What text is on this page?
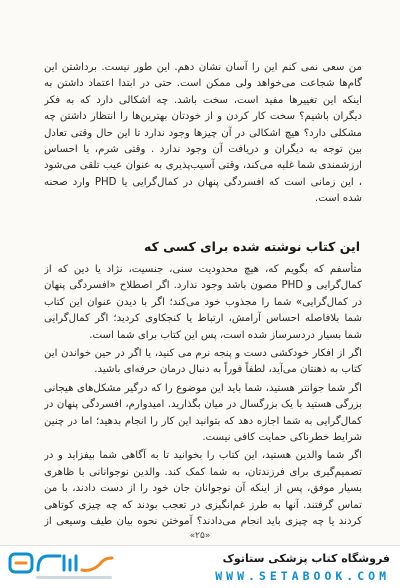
من سعی نمی کنم این را آسان نشان دهم. این طور نیست. برداشتن این گام‌ها شجاعت می‌خواهد ولی ممکن است. حتی در ابتدا اعتماد داشتن به اینکه این تغییرها مفید است، سخت باشد. چه اشکالی دارد که به فکر دیگران باشیم؟ سخت کار کردن و از خودتان بهترین‌ها را انتظار داشتن چه مشکلی دارد؟ هیچ اشکالی در آن چیزها وجود ندارد تا این حال وقتی تعادل بین توجه به دیگران و دریافت آن وجود ندارد . وقتی شرم، یا احساس ارزشمندی شما غلبه می‌کند، وقتی آسیب‌پذیری به عنوان عیب تلقی می‌شود ، این زمانی است که افسردگی پنهان در کمال‌گرایی یا PHD وارد صحنه شده است.

این کتاب نوشته شده برای کسی که

متأسفم که بگویم که، هیچ محدودیت سنی، جنسیت، نژاد یا دین که از کمال‌گرایی و PHD مصون باشد وجود ندارد. اگر اصطلاح «افسردگی پنهان در کمال‌گرایی» شما را مجذوب خود می‌کند؛ اگر با دیدن عنوان این کتاب شما بلافاصله احساس آرامش، ارتباط یا کنجکاوی کردید؛ اگر کمال‌گرایی شما بسیار دردسرساز شده است، پس این کتاب برای شما است.

اگر از افکار خودکشی دست و پنجه نرم می کنید، یا اگر در حین خواندن این کتاب به ذهنتان می‌آید، لطفاً فوراً به دنبال درمان حرفه‌ای باشید.

اگر شما جوانتر هستید، شما باید این موضوع را که درگیر مشکل‌های هیجانی بزرگی هستید با یک بزرگسال در میان بگذارید. امیدوارم، افسردگی پنهان در کمال‌گرایی به شما اجازه دهد که بتوانید این کار را انجام بدهید؛ اما در چنین شرایط خطرناکی حمایت کافی نیست.

اگر شما والدین هستید، این کتاب را بخوانید تا به آگاهی شما بیفزاید و در تصمیم‌گیری برای فرزندتان، به شما کمک کند. والدین نوجوانانی با ظاهری بسیار موفق، پس از اینکه آن نوجوانان جان خود را از دست دادند، با من تماس گرفتند. آنها به طرز غم‌انگیزی در تعجب بودند که چه چیزی کوتاهی کردند یا چه چیزی باید انجام می‌دادند؟ آموختن نحوه بیان طیف وسیعی از

«۲۵»
فروشگاه کتاب پزشکی ستاتوک
WWW.SETABOOK.COM
